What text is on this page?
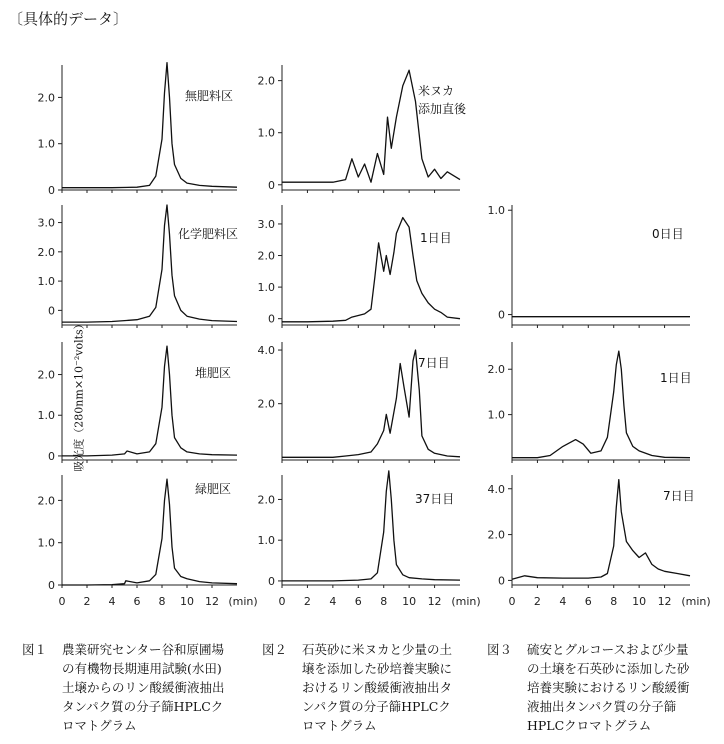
〔具体的データ〕
吸光度（280nm×10⁻²volts）
0
1.0
2.0	無肥料区
0
1.0
2.0
3.0
化学肥料区
0
1.0
2.0	堆肥区
0
1.0
2.0
0 2 4 6 8 10 12 (min)
緑肥区
0
1.0
2.0
米ヌカ
添加直後
0
1.0
2.0
3.0
1日目
2.0
4.0
7日目
0
1.0
2.0
0 2 4 6 8 10 12 (min)
37日目
0
1.0
0日目
1.0
2.0
1日目
0
2.0
4.0
0 2 4 6 8 10 12 (min)
7日目
図１ 農業研究センター谷和原圃場
の有機物長期連用試験(水田)
土壌からのリン酸緩衝液抽出
タンパク質の分子篩HPLCク
ロマトグラム
図２ 石英砂に米ヌカと少量の土
壌を添加した砂培養実験に
おけるリン酸緩衝液抽出タ
ンパク質の分子篩HPLCク
ロマトグラム
図３ 硫安とグルコースおよび少量
の土壌を石英砂に添加した砂
培養実験におけるリン酸緩衝
液抽出タンパク質の分子篩
HPLCクロマトグラム
